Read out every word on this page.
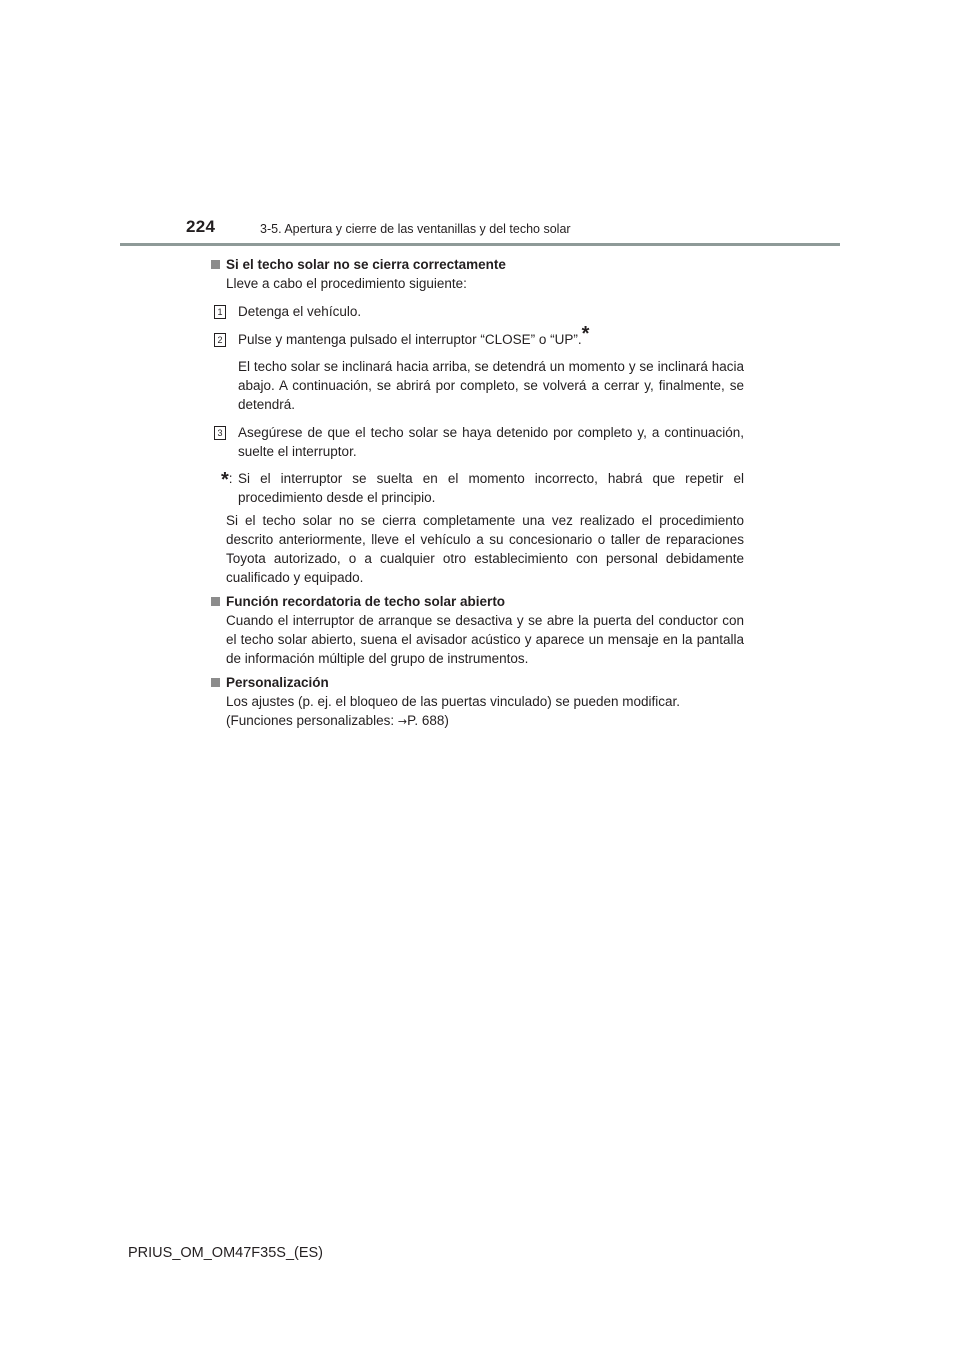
224	3-5. Apertura y cierre de las ventanillas y del techo solar
Si el techo solar no se cierra correctamente
Lleve a cabo el procedimiento siguiente:
1 Detenga el vehículo.
2 Pulse y mantenga pulsado el interruptor “CLOSE” o “UP”.*
El techo solar se inclinará hacia arriba, se detendrá un momento y se inclinará hacia abajo. A continuación, se abrirá por completo, se volverá a cerrar y, finalmente, se detendrá.
3 Asegúrese de que el techo solar se haya detenido por completo y, a continuación, suelte el interruptor.
*: Si el interruptor se suelta en el momento incorrecto, habrá que repetir el procedimiento desde el principio.
Si el techo solar no se cierra completamente una vez realizado el procedimiento descrito anteriormente, lleve el vehículo a su concesionario o taller de reparaciones Toyota autorizado, o a cualquier otro establecimiento con personal debidamente cualificado y equipado.
Función recordatoria de techo solar abierto
Cuando el interruptor de arranque se desactiva y se abre la puerta del conductor con el techo solar abierto, suena el avisador acústico y aparece un mensaje en la pantalla de información múltiple del grupo de instrumentos.
Personalización
Los ajustes (p. ej. el bloqueo de las puertas vinculado) se pueden modificar.
(Funciones personalizables: →P. 688)
PRIUS_OM_OM47F35S_(ES)
